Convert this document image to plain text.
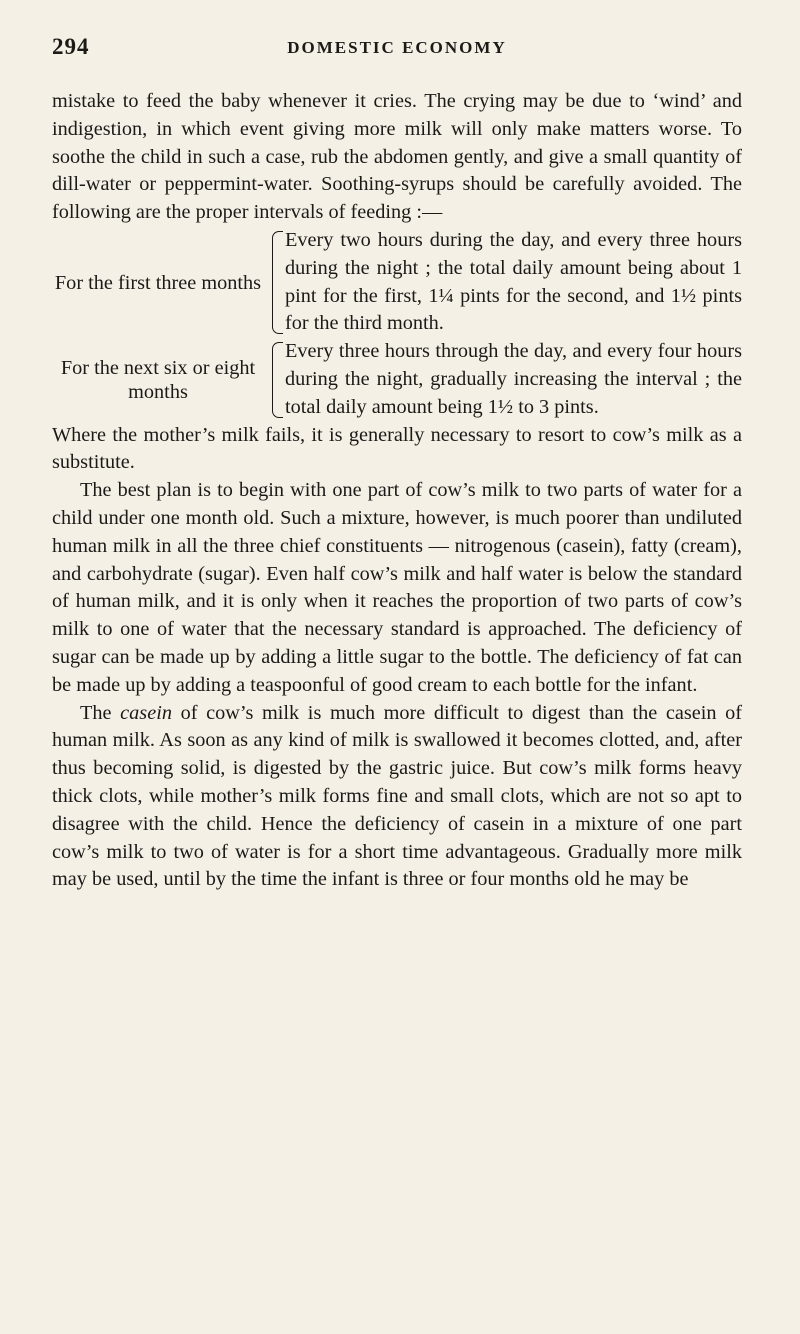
294	DOMESTIC ECONOMY

mistake to feed the baby whenever it cries. The crying may be due to ‘wind’ and indigestion, in which event giving more milk will only make matters worse. To soothe the child in such a case, rub the abdomen gently, and give a small quantity of dill-water or peppermint-water. Soothing-syrups should be carefully avoided. The following are the proper intervals of feeding :—

For the first three months

Every two hours during the day, and every three hours during the night ; the total daily amount being about 1 pint for the first, 1¼ pints for the second, and 1½ pints for the third month.

For the next six or eight months

Every three hours through the day, and every four hours during the night, gradually increasing the interval ; the total daily amount being 1½ to 3 pints.

Where the mother’s milk fails, it is generally necessary to resort to cow’s milk as a substitute.

The best plan is to begin with one part of cow’s milk to two parts of water for a child under one month old. Such a mixture, however, is much poorer than undiluted human milk in all the three chief constituents — nitrogenous (casein), fatty (cream), and carbohydrate (sugar). Even half cow’s milk and half water is below the standard of human milk, and it is only when it reaches the proportion of two parts of cow’s milk to one of water that the necessary standard is approached. The deficiency of sugar can be made up by adding a little sugar to the bottle. The deficiency of fat can be made up by adding a teaspoonful of good cream to each bottle for the infant.

The casein of cow’s milk is much more difficult to digest than the casein of human milk. As soon as any kind of milk is swallowed it becomes clotted, and, after thus becoming solid, is digested by the gastric juice. But cow’s milk forms heavy thick clots, while mother’s milk forms fine and small clots, which are not so apt to disagree with the child. Hence the deficiency of casein in a mixture of one part cow’s milk to two of water is for a short time advantageous. Gradually more milk may be used, until by the time the infant is three or four months old he may be
